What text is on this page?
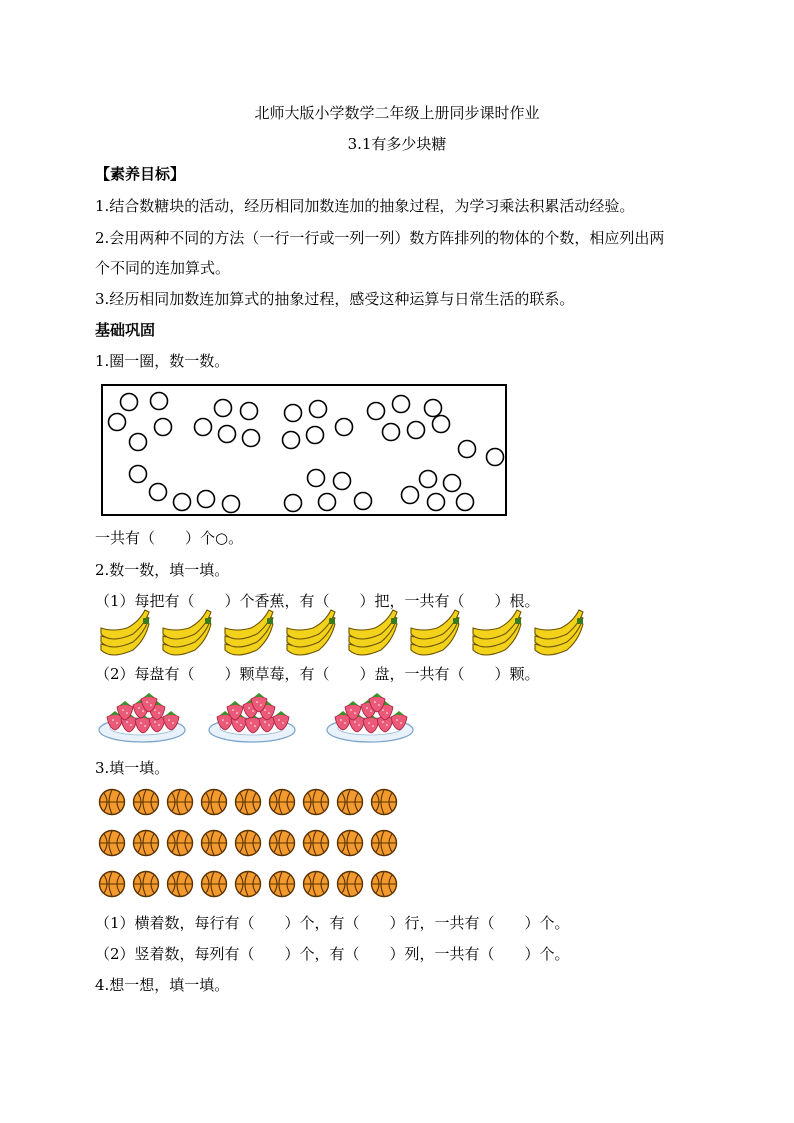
北师大版小学数学二年级上册同步课时作业
3.1有多少块糖
【素养目标】
1.结合数糖块的活动，经历相同加数连加的抽象过程，为学习乘法积累活动经验。
2.会用两种不同的方法（一行一行或一列一列）数方阵排列的物体的个数，相应列出两
个不同的连加算式。
3.经历相同加数连加算式的抽象过程，感受这种运算与日常生活的联系。
基础巩固
1.圈一圈，数一数。
一共有（　　）个○。
2.数一数，填一填。
（1）每把有（　　）个香蕉，有（　　）把，一共有（　　）根。
（2）每盘有（　　）颗草莓，有（　　）盘，一共有（　　）颗。
3.填一填。
（1）横着数，每行有（　　）个，有（　　）行，一共有（　　）个。
（2）竖着数，每列有（　　）个，有（　　）列，一共有（　　）个。
4.想一想，填一填。
